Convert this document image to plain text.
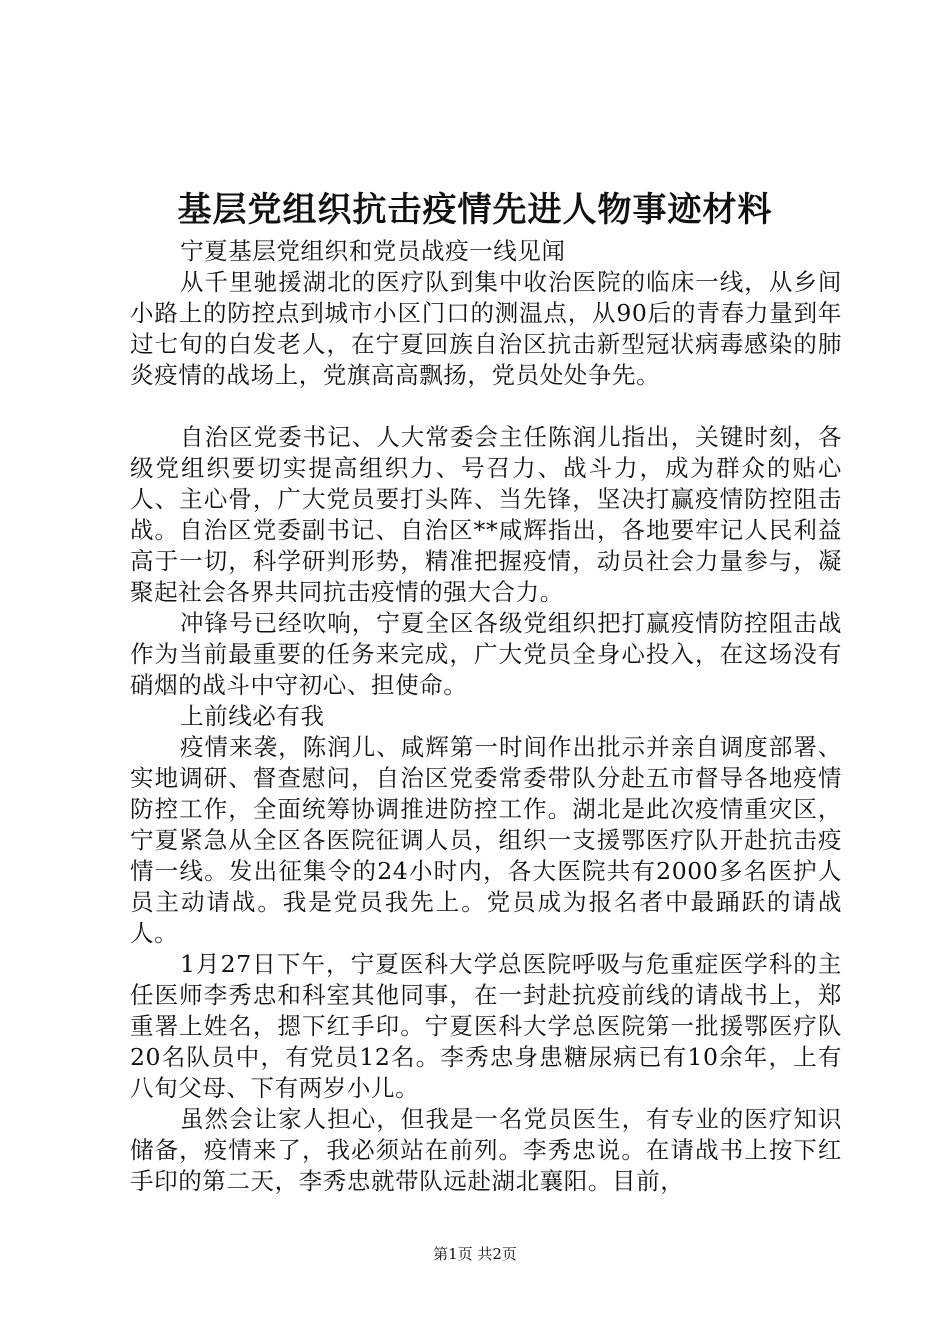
基层党组织抗击疫情先进人物事迹材料

宁夏基层党组织和党员战疫一线见闻

从千里驰援湖北的医疗队到集中收治医院的临床一线，从乡间小路上的防控点到城市小区门口的测温点，从90后的青春力量到年过七旬的白发老人，在宁夏回族自治区抗击新型冠状病毒感染的肺炎疫情的战场上，党旗高高飘扬，党员处处争先。

自治区党委书记、人大常委会主任陈润儿指出，关键时刻，各级党组织要切实提高组织力、号召力、战斗力，成为群众的贴心人、主心骨，广大党员要打头阵、当先锋，坚决打赢疫情防控阻击战。自治区党委副书记、自治区**咸辉指出，各地要牢记人民利益高于一切，科学研判形势，精准把握疫情，动员社会力量参与，凝聚起社会各界共同抗击疫情的强大合力。

冲锋号已经吹响，宁夏全区各级党组织把打赢疫情防控阻击战作为当前最重要的任务来完成，广大党员全身心投入，在这场没有硝烟的战斗中守初心、担使命。

上前线必有我

疫情来袭，陈润儿、咸辉第一时间作出批示并亲自调度部署、实地调研、督查慰问，自治区党委常委带队分赴五市督导各地疫情防控工作，全面统筹协调推进防控工作。湖北是此次疫情重灾区，宁夏紧急从全区各医院征调人员，组织一支援鄂医疗队开赴抗击疫情一线。发出征集令的24小时内，各大医院共有2000多名医护人员主动请战。我是党员我先上。党员成为报名者中最踊跃的请战人。

1月27日下午，宁夏医科大学总医院呼吸与危重症医学科的主任医师李秀忠和科室其他同事，在一封赴抗疫前线的请战书上，郑重署上姓名，摁下红手印。宁夏医科大学总医院第一批援鄂医疗队20名队员中，有党员12名。李秀忠身患糖尿病已有10余年，上有八旬父母、下有两岁小儿。

虽然会让家人担心，但我是一名党员医生，有专业的医疗知识储备，疫情来了，我必须站在前列。李秀忠说。在请战书上按下红手印的第二天，李秀忠就带队远赴湖北襄阳。目前，

第1页 共2页
